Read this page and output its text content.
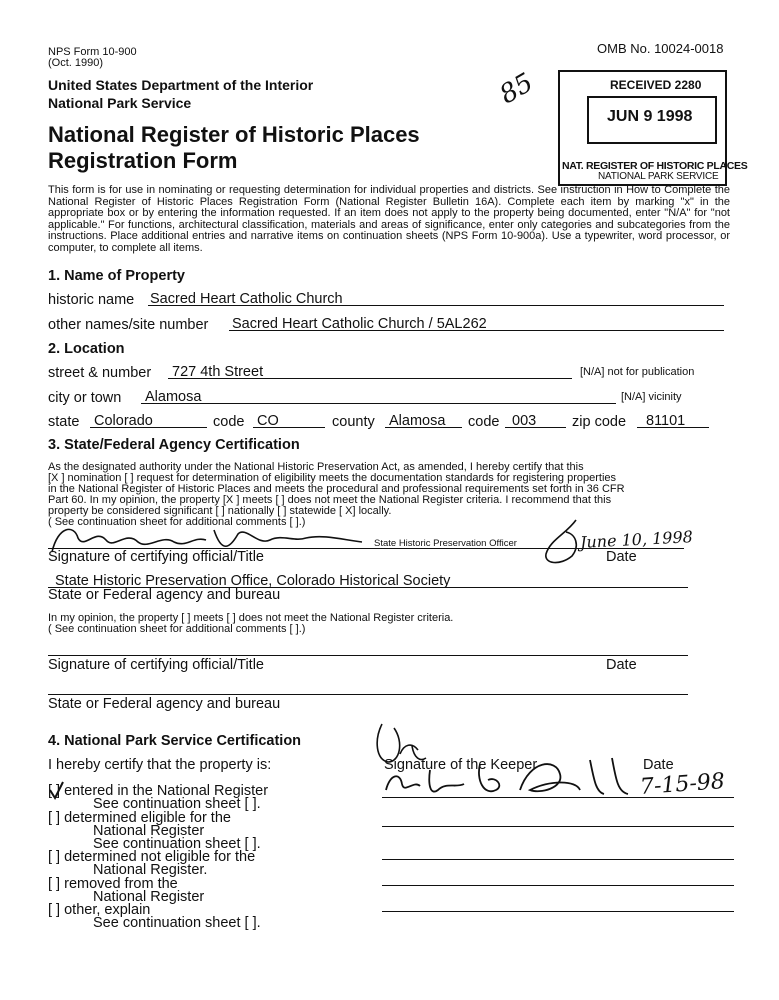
NPS Form 10-900
(Oct. 1990)
OMB No. 10024-0018
United States Department of the Interior
National Park Service
National Register of Historic Places
Registration Form
85	RECEIVED 2280
JUN 9 1998
NAT. REGISTER OF HISTORIC PLACES
NATIONAL PARK SERVICE
This form is for use in nominating or requesting determination for individual properties and districts. See instruction in How to Complete the National Register of Historic Places Registration Form (National Register Bulletin 16A). Complete each item by marking "x" in the appropriate box or by entering the information requested. If an item does not apply to the property being documented, enter "N/A" for "not applicable." For functions, architectural classification, materials and areas of significance, enter only categories and subcategories from the instructions. Place additional entries and narrative items on continuation sheets (NPS Form 10-900a). Use a typewriter, word processor, or computer, to complete all items.
1. Name of Property
historic name Sacred Heart Catholic Church
other names/site number Sacred Heart Catholic Church / 5AL262
2. Location
street & number 727 4th Street	[N/A] not for publication
city or town Alamosa	[N/A] vicinity
state Colorado	code CO	county Alamosa code 003 zip code 81101
3. State/Federal Agency Certification
As the designated authority under the National Historic Preservation Act, as amended, I hereby certify that this
[X ] nomination [ ] request for determination of eligibility meets the documentation standards for registering properties
in the National Register of Historic Places and meets the procedural and professional requirements set forth in 36 CFR
Part 60. In my opinion, the property [X ] meets [ ] does not meet the National Register criteria. I recommend that this
property be considered significant [ ] nationally [ ] statewide [ X] locally.
( See continuation sheet for additional comments [ ].)
State Historic Preservation Officer	June 10, 1998
Signature of certifying official/Title	Date
State Historic Preservation Office, Colorado Historical Society
State or Federal agency and bureau
In my opinion, the property [ ] meets [ ] does not meet the National Register criteria.
( See continuation sheet for additional comments [ ].)
Signature of certifying official/Title	Date
State or Federal agency and bureau
4. National Park Service Certification
I hereby certify that the property is:	Signature of the Keeper	Date
7-15-98
[ ] entered in the National Register
See continuation sheet [ ].
[ ] determined eligible for the
National Register
See continuation sheet [ ].
[ ] determined not eligible for the
National Register.
[ ] removed from the
National Register
[ ] other, explain
See continuation sheet [ ].
